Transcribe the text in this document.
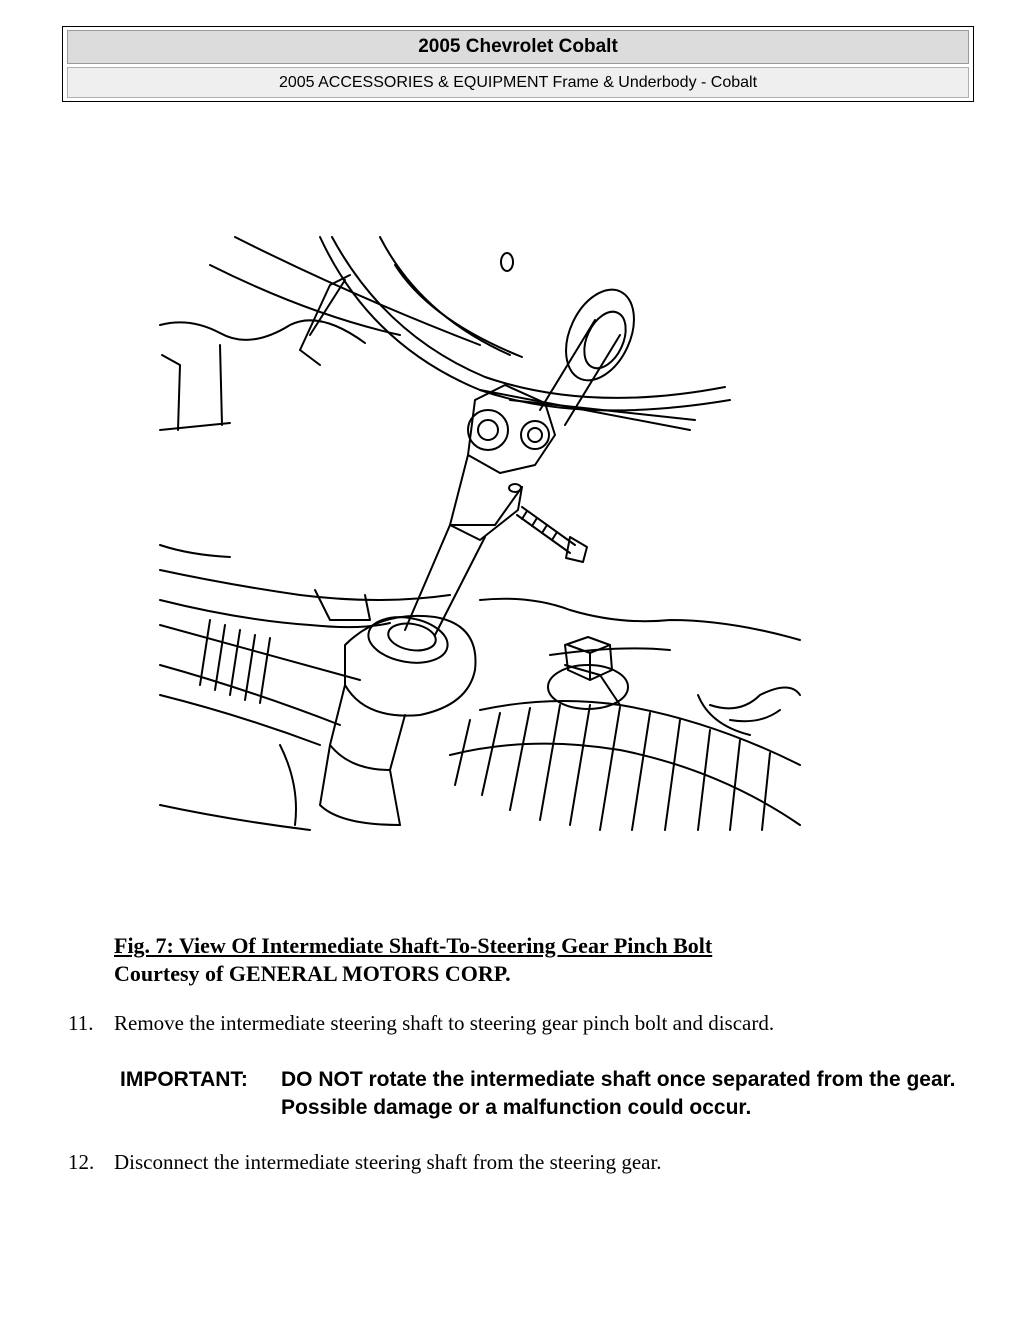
2005 Chevrolet Cobalt
2005 ACCESSORIES & EQUIPMENT Frame & Underbody - Cobalt
Fig. 7: View Of Intermediate Shaft-To-Steering Gear Pinch Bolt
Courtesy of GENERAL MOTORS CORP.
11. Remove the intermediate steering shaft to steering gear pinch bolt and discard.
IMPORTANT: DO NOT rotate the intermediate shaft once separated from the gear. Possible damage or a malfunction could occur.
12. Disconnect the intermediate steering shaft from the steering gear.
